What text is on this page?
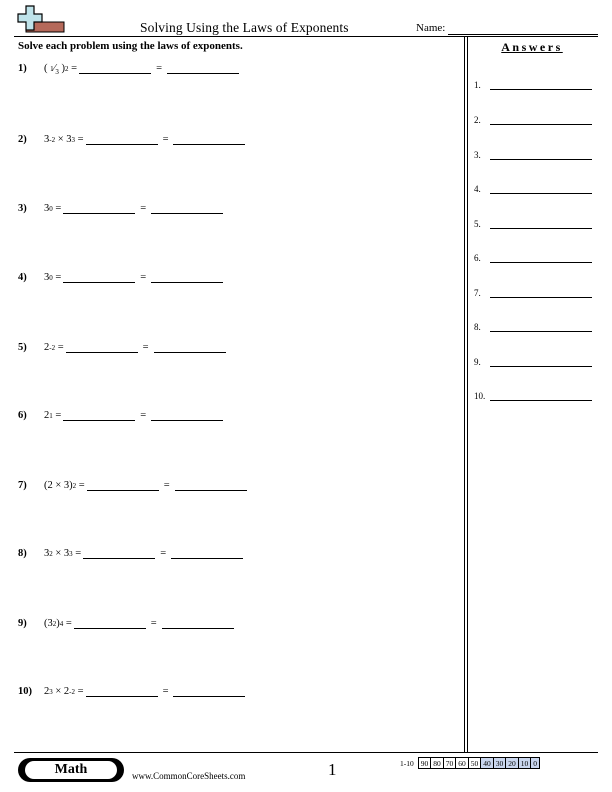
Solving Using the Laws of Exponents	Name:
Solve each problem using the laws of exponents.	Answers
1)	( $^1$ ⁄ 3 )$^2$ =	=
2)	$3^{-2} \times 3^3$ =	=
3)	$3^0$ =	=
4)	$3^0$ =	=
5)	$2^{-2}$ =	=
6)	$2^1$ =	=
7)	$(2 \times 3)^2$ =	=
8)	$3^2 \times 3^3$ =	=
9)	($3^2$ )$^4$ =	=
10)	$2^3 \times 2^{-2}$ =	=
1.
2.
3.
4.
5.
6.
7.
8.
9.
10.
Math	www.CommonCoreSheets.com	1	1-10	90	80	70	60	50	40	30	20	10	0
